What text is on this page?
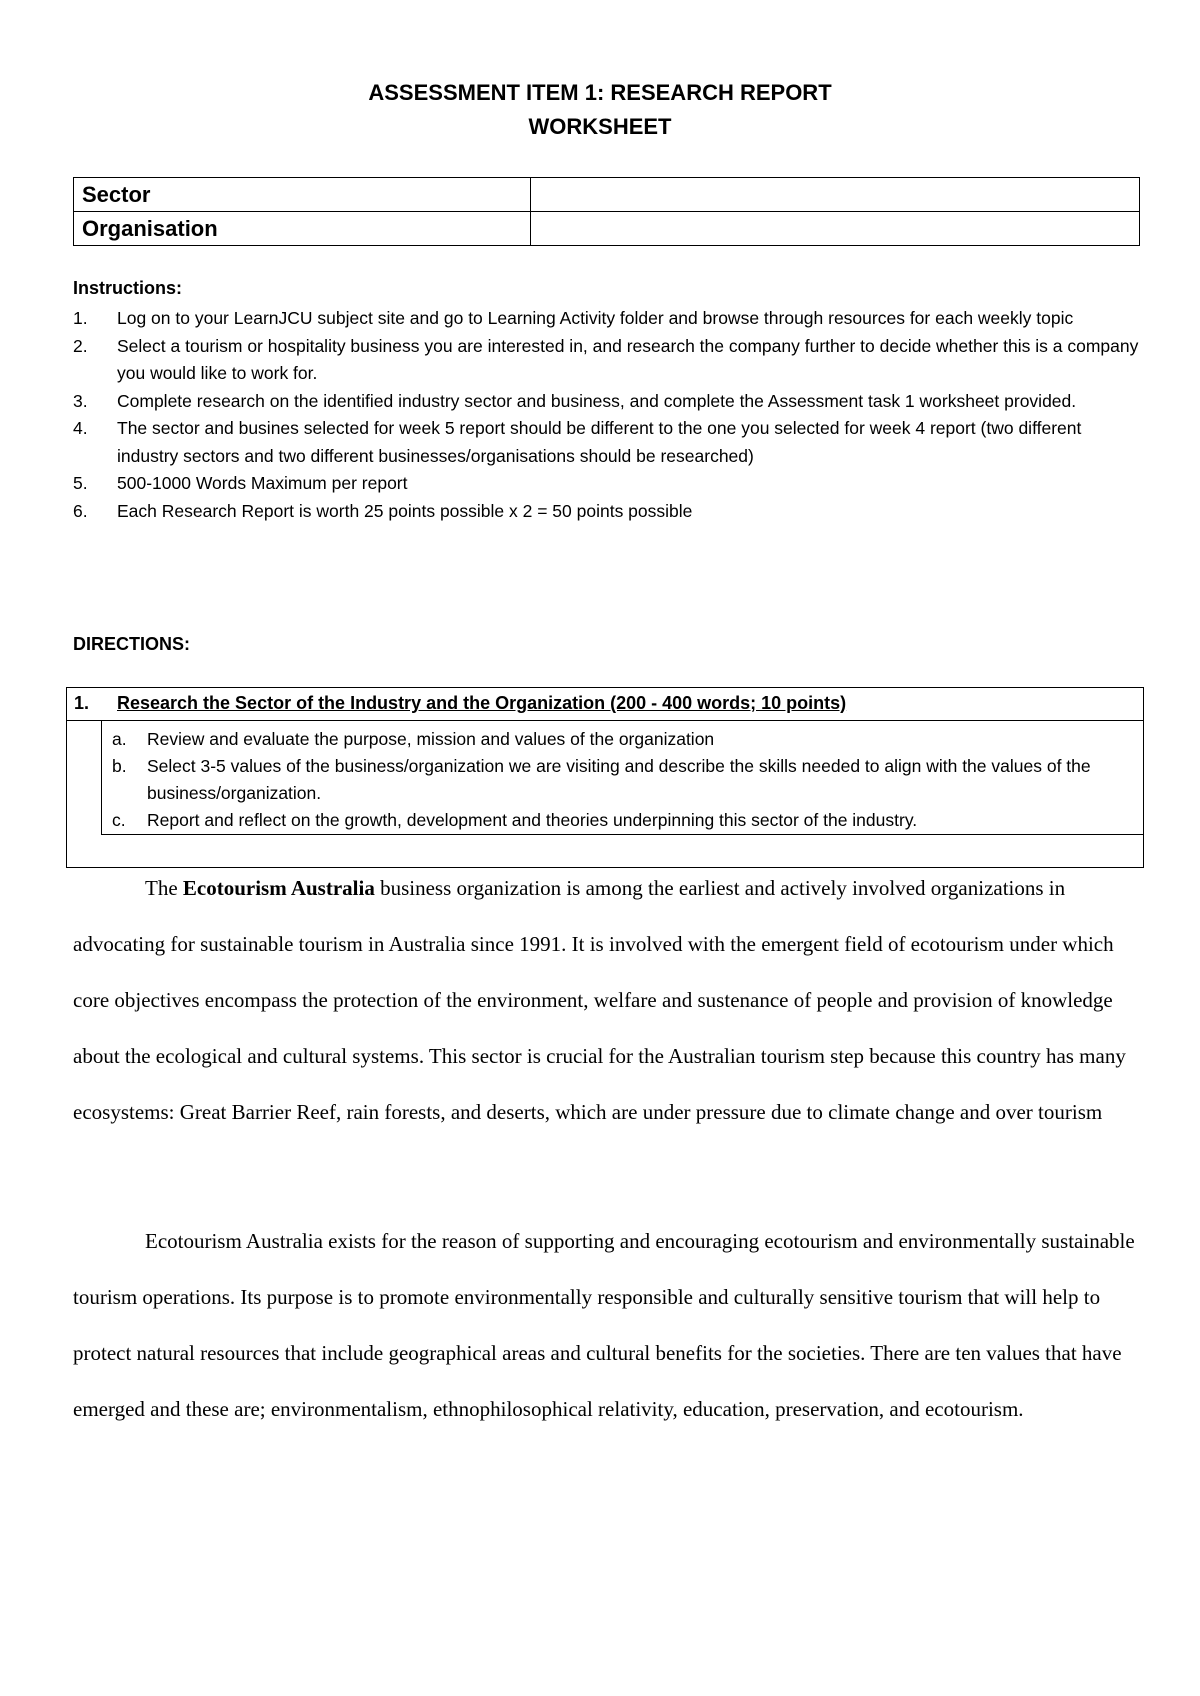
ASSESSMENT ITEM 1: RESEARCH REPORT
WORKSHEET
Sector	
Organisation	
Instructions:
1. Log on to your LearnJCU subject site and go to Learning Activity folder and browse through resources for each weekly topic
2. Select a tourism or hospitality business you are interested in, and research the company further to decide whether this is a company you would like to work for.
3. Complete research on the identified industry sector and business, and complete the Assessment task 1 worksheet provided.
4. The sector and busines selected for week 5 report should be different to the one you selected for week 4 report (two different industry sectors and two different businesses/organisations should be researched)
5. 500-1000 Words Maximum per report
6. Each Research Report is worth 25 points possible x 2 = 50 points possible
DIRECTIONS:
1. Research the Sector of the Industry and the Organization (200 - 400 words; 10 points)
a. Review and evaluate the purpose, mission and values of the organization
b. Select 3-5 values of the business/organization we are visiting and describe the skills needed to align with the values of the business/organization.
c. Report and reflect on the growth, development and theories underpinning this sector of the industry.

The Ecotourism Australia business organization is among the earliest and actively involved organizations in advocating for sustainable tourism in Australia since 1991. It is involved with the emergent field of ecotourism under which core objectives encompass the protection of the environment, welfare and sustenance of people and provision of knowledge about the ecological and cultural systems. This sector is crucial for the Australian tourism step because this country has many ecosystems: Great Barrier Reef, rain forests, and deserts, which are under pressure due to climate change and over tourism

Ecotourism Australia exists for the reason of supporting and encouraging ecotourism and environmentally sustainable tourism operations. Its purpose is to promote environmentally responsible and culturally sensitive tourism that will help to protect natural resources that include geographical areas and cultural benefits for the societies. There are ten values that have emerged and these are; environmentalism, ethnophilosophical relativity, education, preservation, and ecotourism.
